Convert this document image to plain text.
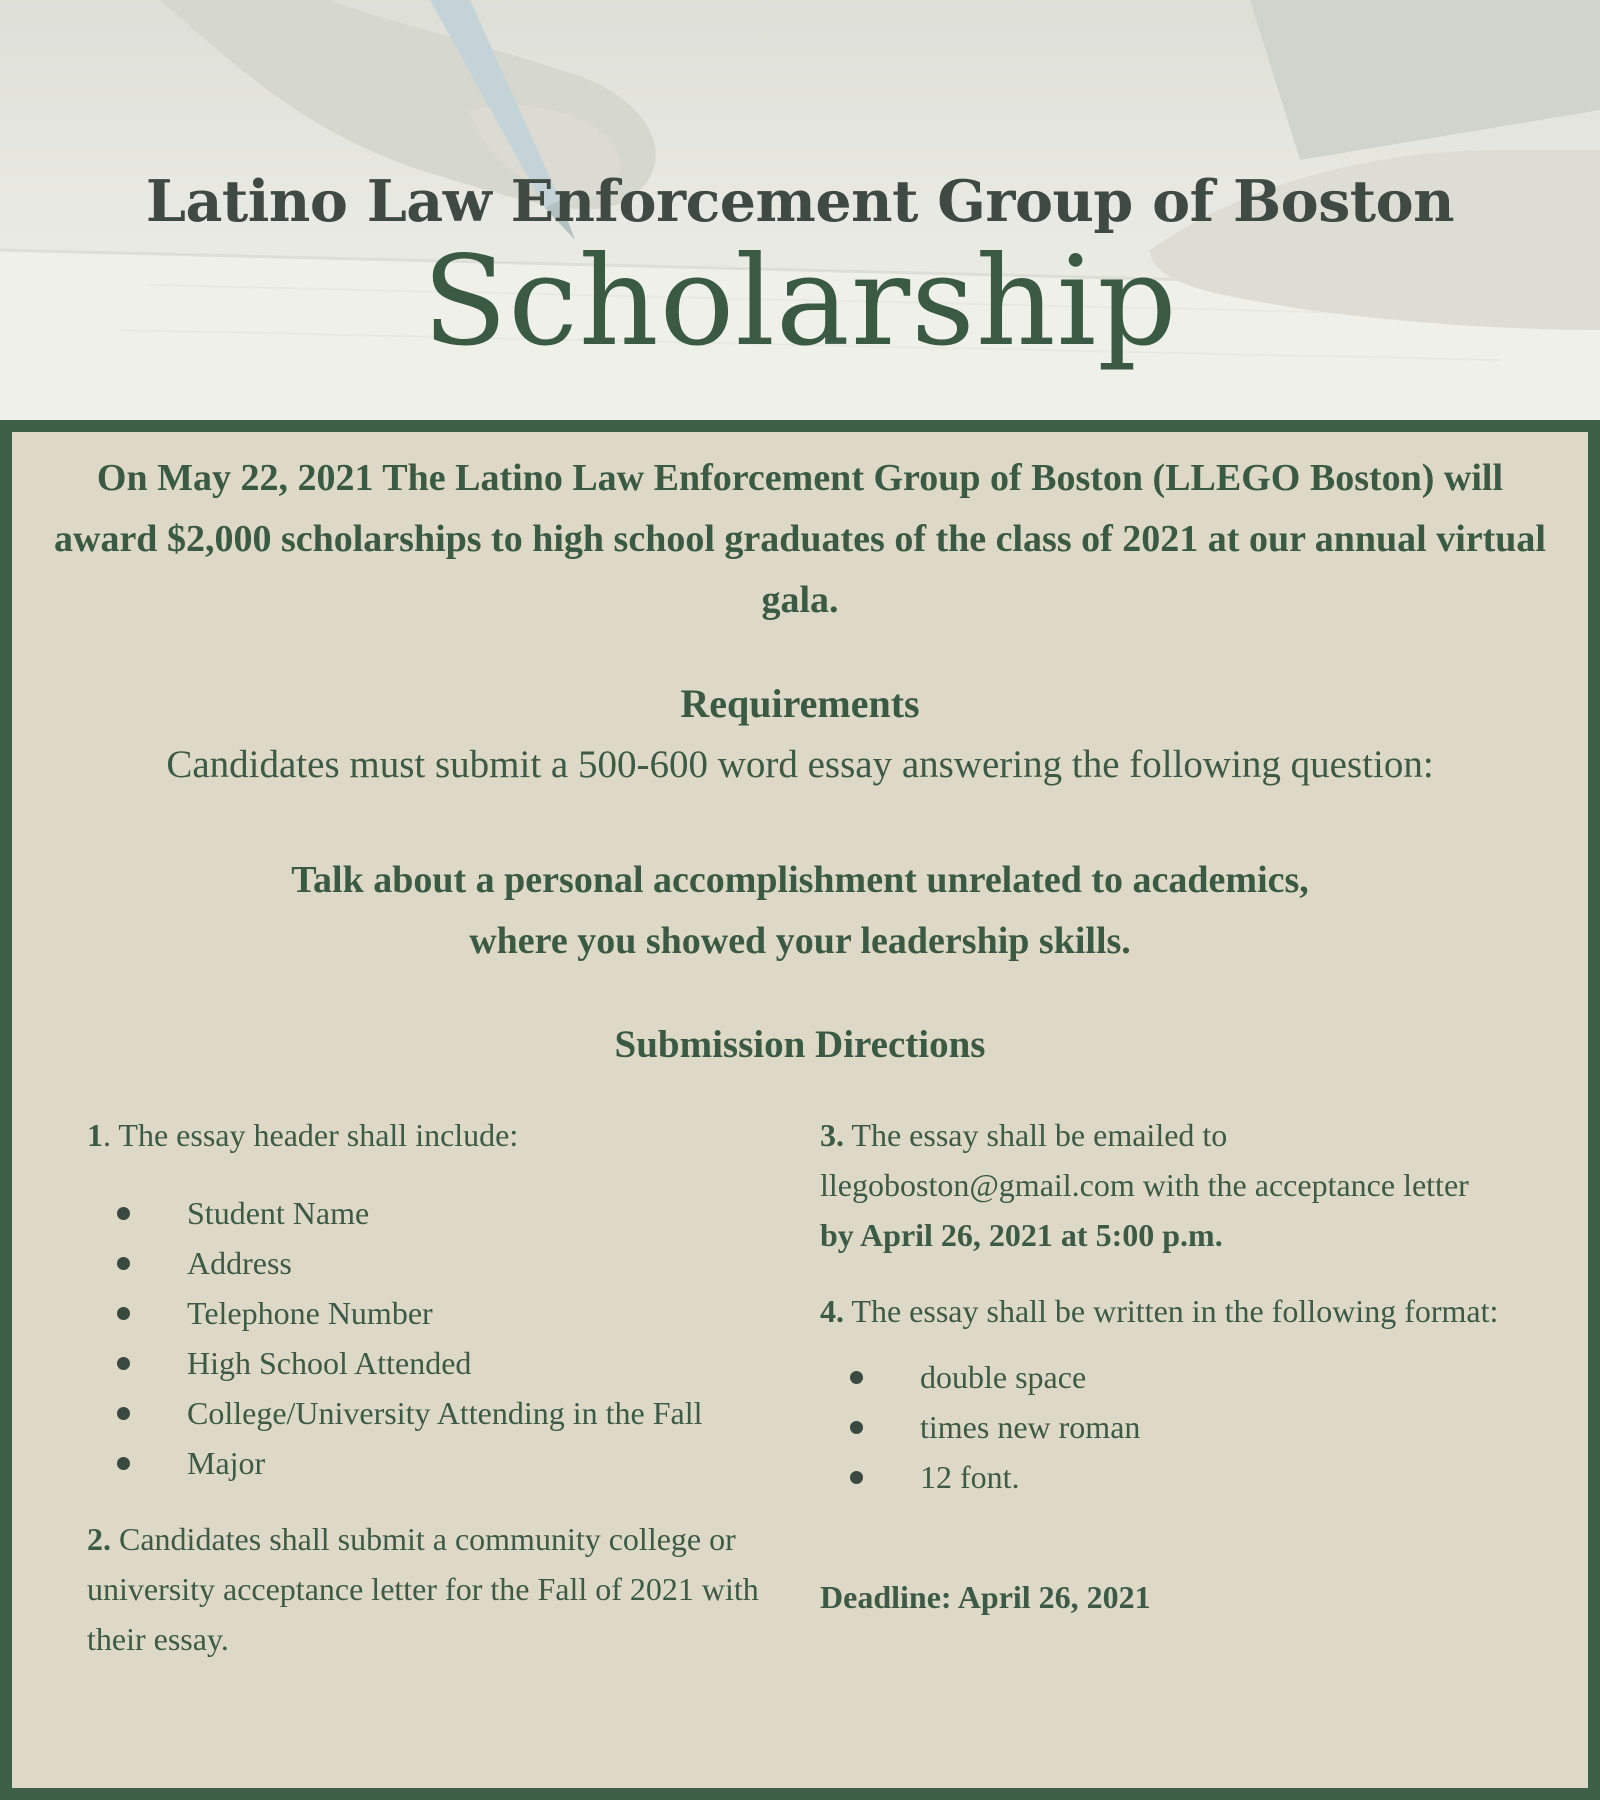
Latino Law Enforcement Group of Boston
Scholarship

On May 22, 2021 The Latino Law Enforcement Group of Boston (LLEGO Boston) will award $2,000 scholarships to high school graduates of the class of 2021 at our annual virtual gala.

Requirements

Candidates must submit a 500-600 word essay answering the following question:

Talk about a personal accomplishment unrelated to academics,
where you showed your leadership skills.
Submission Directions

1. The essay header shall include:

Student Name
Address
Telephone Number
High School Attended
College/University Attending in the Fall
Major

2. Candidates shall submit a community college or university acceptance letter for the Fall of 2021 with their essay.

3. The essay shall be emailed to

llegoboston@gmail.com with the acceptance letter

by April 26, 2021 at 5:00 p.m.

4. The essay shall be written in the following format:

double space
times new roman
12 font.

Deadline: April 26, 2021
